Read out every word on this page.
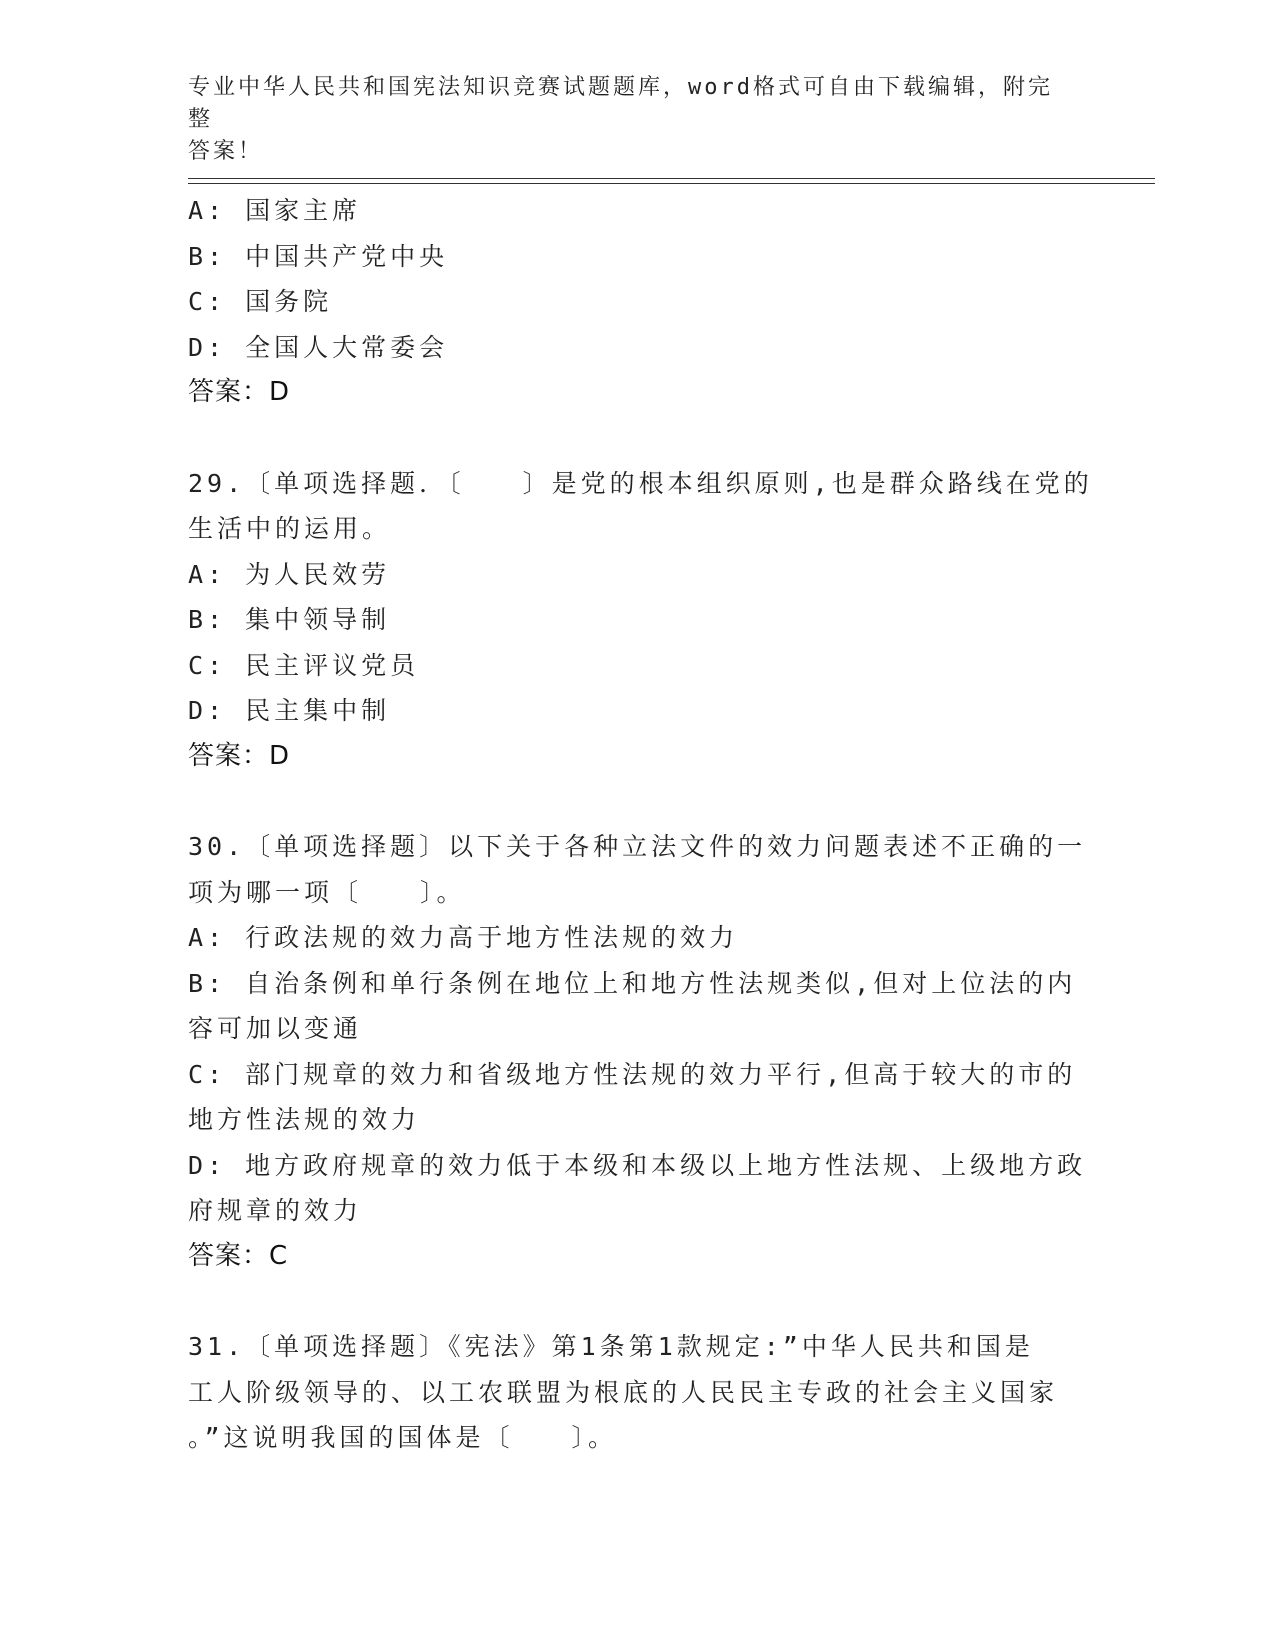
专业中华人民共和国宪法知识竞赛试题题库，word格式可自由下载编辑，附完整
答案！
A: 国家主席
B: 中国共产党中央
C: 国务院
D: 全国人大常委会
答案：D
29.〔单项选择题．〔　　〕是党的根本组织原则,也是群众路线在党的
生活中的运用。
A: 为人民效劳
B: 集中领导制
C: 民主评议党员
D: 民主集中制
答案：D
30.〔单项选择题〕以下关于各种立法文件的效力问题表述不正确的一
项为哪一项〔　　〕。
A: 行政法规的效力高于地方性法规的效力
B: 自治条例和单行条例在地位上和地方性法规类似,但对上位法的内
容可加以变通
C: 部门规章的效力和省级地方性法规的效力平行,但高于较大的市的
地方性法规的效力
D: 地方政府规章的效力低于本级和本级以上地方性法规、上级地方政
府规章的效力
答案：C
31.〔单项选择题〕《宪法》第1条第1款规定:”中华人民共和国是
工人阶级领导的、以工农联盟为根底的人民民主专政的社会主义国家
。”这说明我国的国体是〔　　〕。
